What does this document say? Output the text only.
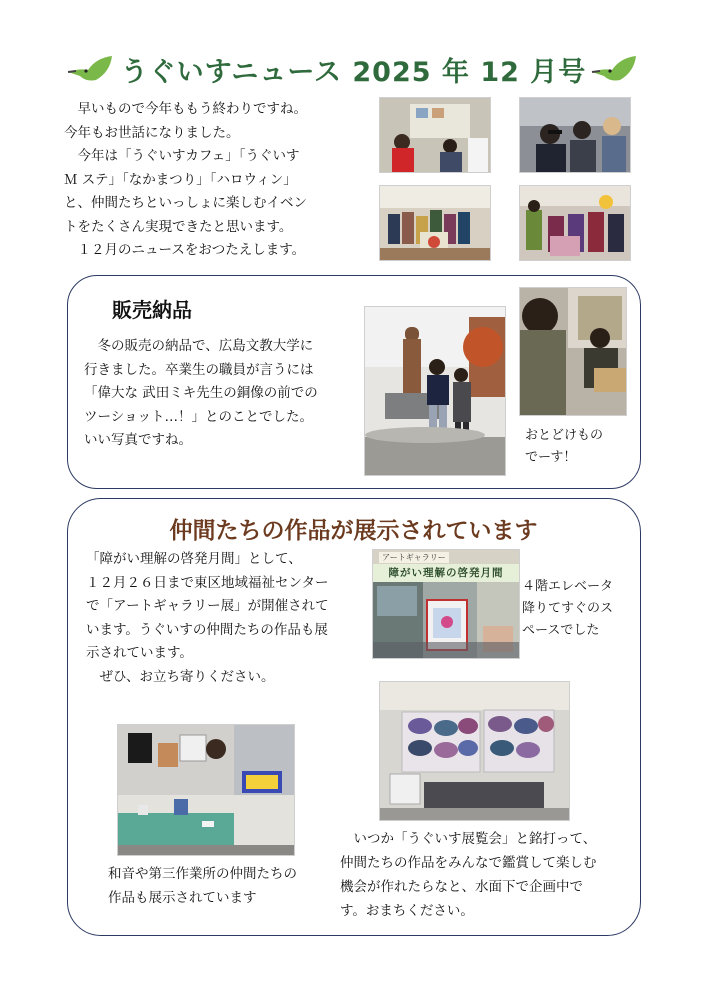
うぐいすニュース 2025 年 12 月号

　早いもので今年ももう終わりですね。

今年もお世話になりました。

　今年は「うぐいすカフェ」「うぐいす

Ｍ ステ」「なかまつり」「ハロウィン」

と、仲間たちといっしょに楽しむイベン

トをたくさん実現できたと思います。

　１２月のニュースをおつたえします。

販売納品

　冬の販売の納品で、広島文教大学に

行きました。卒業生の職員が言うには

「偉大な 武田ミキ先生の銅像の前での

ツーショット…！」とのことでした。

いい写真ですね。	おとどけもの
でーす！
仲間たちの作品が展示されています

「障がい理解の啓発月間」として、

１２月２６日まで東区地域福祉センター

で「アートギャラリー展」が開催されて

います。うぐいすの仲間たちの作品も展

示されています。

　ぜひ、お立ち寄りください。

アートギャラリー
障がい理解の啓発月間
４階エレベータ
降りてすぐのス
ペースでした
和音や第三作業所の仲間たちの
作品も展示されています

　いつか「うぐいす展覧会」と銘打って、

仲間たちの作品をみんなで鑑賞して楽しむ

機会が作れたらなと、水面下で企画中で

す。おまちください。
